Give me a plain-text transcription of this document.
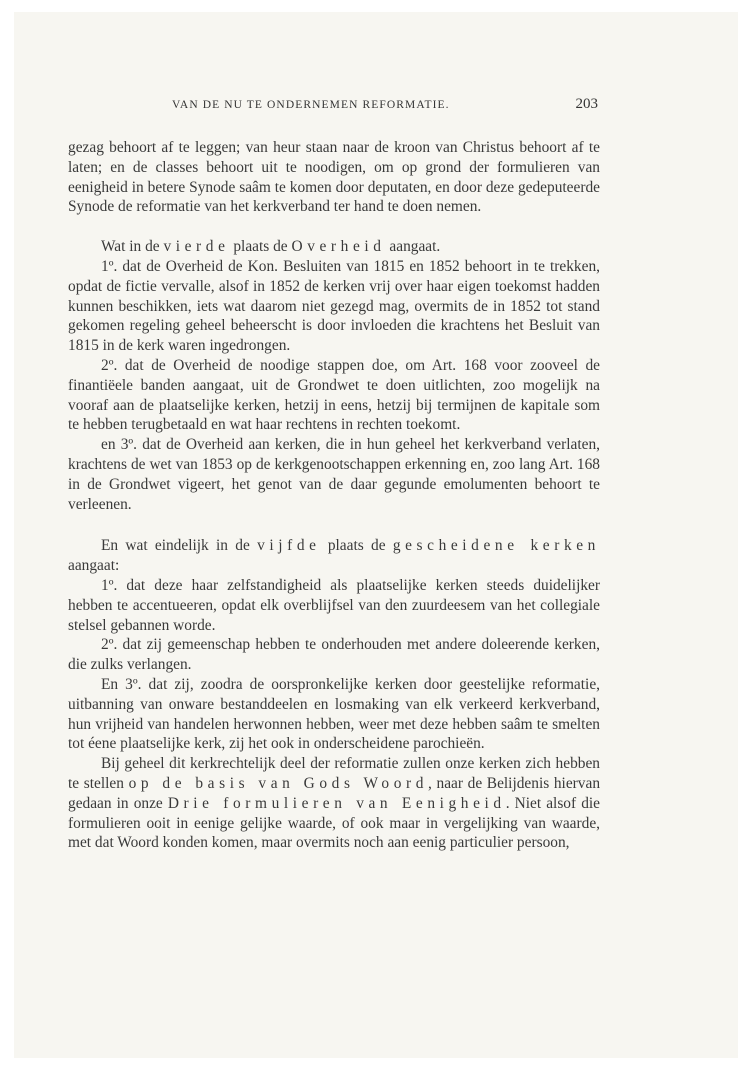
VAN DE NU TE ONDERNEMEN REFORMATIE.	203

gezag behoort af te leggen; van heur staan naar de kroon van Christus behoort af te laten; en de classes behoort uit te noodigen, om op grond der formulieren van eenigheid in betere Synode saâm te komen door deputaten, en door deze gedeputeerde Synode de reformatie van het kerkverband ter hand te doen nemen.

Wat in de vierde plaats de Overheid aangaat.

1º. dat de Overheid de Kon. Besluiten van 1815 en 1852 behoort in te trekken, opdat de fictie vervalle, alsof in 1852 de kerken vrij over haar eigen toekomst hadden kunnen beschikken, iets wat daarom niet gezegd mag, overmits de in 1852 tot stand gekomen regeling geheel beheerscht is door invloeden die krachtens het Besluit van 1815 in de kerk waren ingedrongen.

2º. dat de Overheid de noodige stappen doe, om Art. 168 voor zooveel de finantiëele banden aangaat, uit de Grondwet te doen uitlichten, zoo mogelijk na vooraf aan de plaatselijke kerken, hetzij in eens, hetzij bij termijnen de kapitale som te hebben terugbetaald en wat haar rechtens in rechten toekomt.

en 3º. dat de Overheid aan kerken, die in hun geheel het kerkverband verlaten, krachtens de wet van 1853 op de kerkgenootschappen erkenning en, zoo lang Art. 168 in de Grondwet vigeert, het genot van de daar gegunde emolumenten behoort te verleenen.

En wat eindelijk in de vijfde plaats de gescheidene kerken aangaat:

1º. dat deze haar zelfstandigheid als plaatselijke kerken steeds duidelijker hebben te accentueeren, opdat elk overblijfsel van den zuurdeesem van het collegiale stelsel gebannen worde.

2º. dat zij gemeenschap hebben te onderhouden met andere doleerende kerken, die zulks verlangen.

En 3º. dat zij, zoodra de oorspronkelijke kerken door geestelijke reformatie, uitbanning van onware bestanddeelen en losmaking van elk verkeerd kerkverband, hun vrijheid van handelen herwonnen hebben, weer met deze hebben saâm te smelten tot éene plaatselijke kerk, zij het ook in onderscheidene parochieën.

Bij geheel dit kerkrechtelijk deel der reformatie zullen onze kerken zich hebben te stellen op de basis van Gods Woord, naar de Belijdenis hiervan gedaan in onze Drie formulieren van Eenigheid. Niet alsof die formulieren ooit in eenige gelijke waarde, of ook maar in vergelijking van waarde, met dat Woord konden komen, maar overmits noch aan eenig particulier persoon,
